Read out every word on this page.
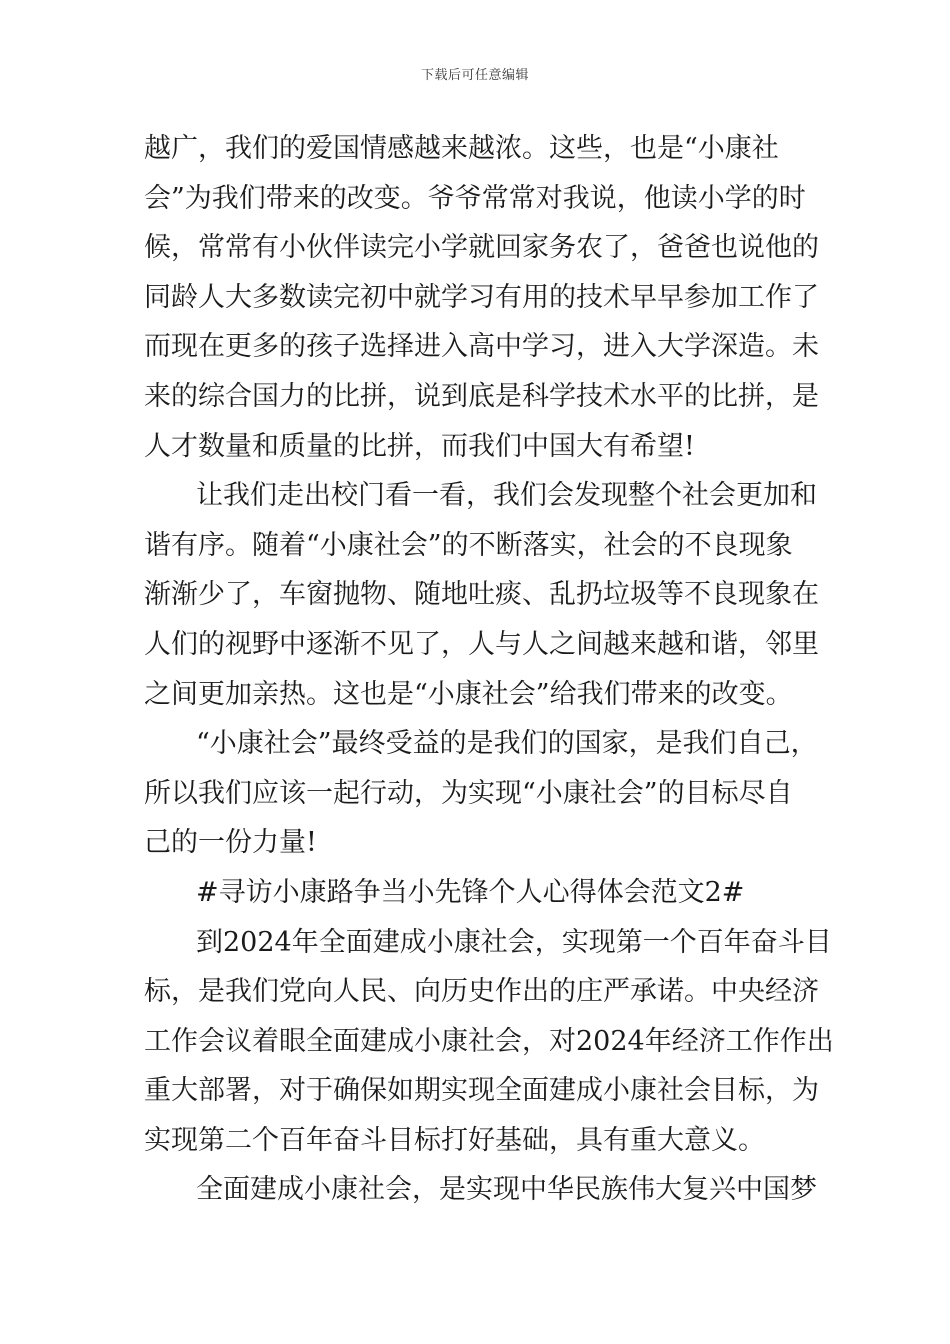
下载后可任意编辑
越广，我们的爱国情感越来越浓。这些，也是“小康社
会”为我们带来的改变。爷爷常常对我说，他读小学的时
候，常常有小伙伴读完小学就回家务农了，爸爸也说他的
同龄人大多数读完初中就学习有用的技术早早参加工作了
而现在更多的孩子选择进入高中学习，进入大学深造。未
来的综合国力的比拼，说到底是科学技术水平的比拼，是
人才数量和质量的比拼，而我们中国大有希望!
让我们走出校门看一看，我们会发现整个社会更加和
谐有序。随着“小康社会”的不断落实，社会的不良现象
渐渐少了，车窗抛物、随地吐痰、乱扔垃圾等不良现象在
人们的视野中逐渐不见了，人与人之间越来越和谐，邻里
之间更加亲热。这也是“小康社会”给我们带来的改变。
“小康社会”最终受益的是我们的国家，是我们自己，
所以我们应该一起行动，为实现“小康社会”的目标尽自
己的一份力量!
#寻访小康路争当小先锋个人心得体会范文2#
到2024年全面建成小康社会，实现第一个百年奋斗目
标，是我们党向人民、向历史作出的庄严承诺。中央经济
工作会议着眼全面建成小康社会，对2024年经济工作作出
重大部署，对于确保如期实现全面建成小康社会目标，为
实现第二个百年奋斗目标打好基础，具有重大意义。
全面建成小康社会，是实现中华民族伟大复兴中国梦
